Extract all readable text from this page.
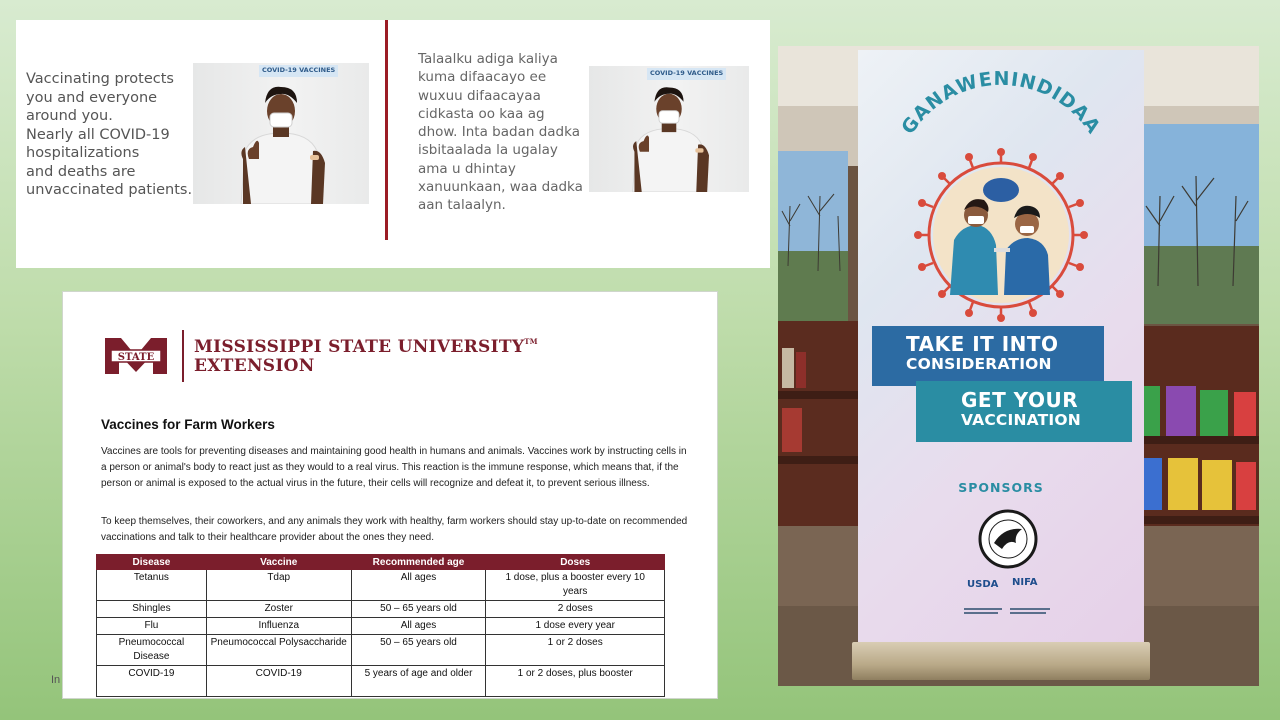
Vaccinating protects
you and everyone
around you.
Nearly all COVID-19
hospitalizations
and deaths are
unvaccinated patients.
COVID-19 VACCINES
Talaalku adiga kaliya
kuma difaacayo ee
wuxuu difaacayaa
cidkasta oo kaa ag
dhow. Inta badan dadka
isbitaalada la ugalay
ama u dhintay
xanuunkaan, waa dadka
aan talaalyn.
COVID-19 VACCINES
STATE
MISSISSIPPI STATE UNIVERSITY™
EXTENSION
Vaccines for Farm Workers

Vaccines are tools for preventing diseases and maintaining good health in humans and animals. Vaccines work by instructing cells in a person or animal's body to react just as they would to a real virus. This reaction is the immune response, which means that, if the person or animal is exposed to the actual virus in the future, their cells will recognize and defeat it, to prevent serious illness.

To keep themselves, their coworkers, and any animals they work with healthy, farm workers should stay up-to-date on recommended vaccinations and talk to their healthcare provider about the ones they need.

Disease	Vaccine	Recommended age	Doses
Tetanus	Tdap	All ages	1 dose, plus a booster every 10 years
Shingles	Zoster	50 – 65 years old	2 doses
Flu	Influenza	All ages	1 dose every year
Pneumococcal Disease	Pneumococcal Polysaccharide	50 – 65 years old	1 or 2 doses
COVID-19	COVID-19	5 years of age and older	1 or 2 doses, plus booster
In
GANAWENINDIDAA
TAKE IT INTO
CONSIDERATION
GET YOUR
VACCINATION
SPONSORS
USDA NIFA
